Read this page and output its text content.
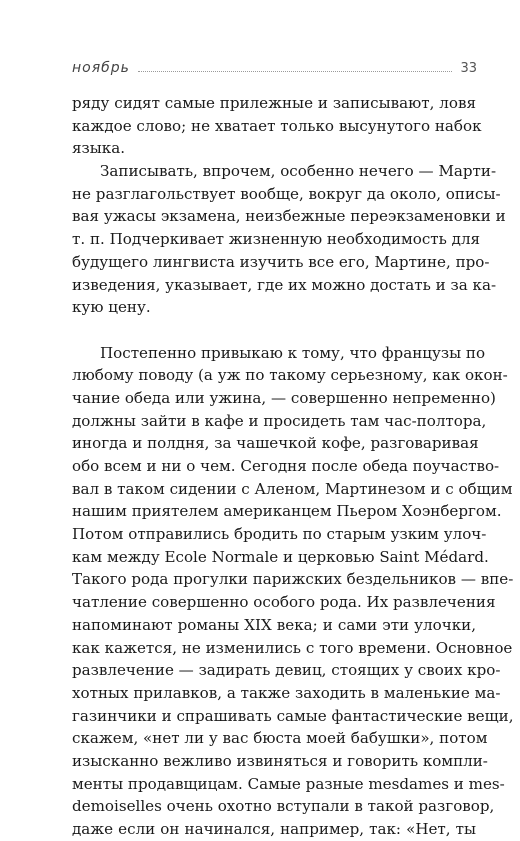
ноябрь	33
ряду сидят самые прилежные и записывают, ловя
каждое слово; не хватает только высунутого набок
языка.
Записывать, впрочем, особенно нечего — Марти-
не разглагольствует вообще, вокруг да около, описы-
вая ужасы экзамена, неизбежные переэкзаменовки и
т. п. Подчеркивает жизненную необходимость для
будущего лингвиста изучить все его, Мартине, про-
изведения, указывает, где их можно достать и за ка-
кую цену.
Постепенно привыкаю к тому, что французы по
любому поводу (а уж по такому серьезному, как окон-
чание обеда или ужина, — совершенно непременно)
должны зайти в кафе и просидеть там час-полтора,
иногда и полдня, за чашечкой кофе, разговаривая
обо всем и ни о чем. Сегодня после обеда поучаство-
вал в таком сидении с Аленом, Мартинезом и с общим
нашим приятелем американцем Пьером Хоэнбергом.
Потом отправились бродить по старым узким улоч-
кам между Ecole Normale и церковью Saint Médard.
Такого рода прогулки парижских бездельников — впе-
чатление совершенно особого рода. Их развлечения
напоминают романы XIX века; и сами эти улочки,
как кажется, не изменились с того времени. Основное
развлечение — задирать девиц, стоящих у своих кро-
хотных прилавков, а также заходить в маленькие ма-
газинчики и спрашивать самые фантастические вещи,
скажем, «нет ли у вас бюста моей бабушки», потом
изысканно вежливо извиняться и говорить компли-
менты продавщицам. Самые разные mesdames и mes-
demoiselles очень охотно вступали в такой разговор,
даже если он начинался, например, так: «Нет, ты
